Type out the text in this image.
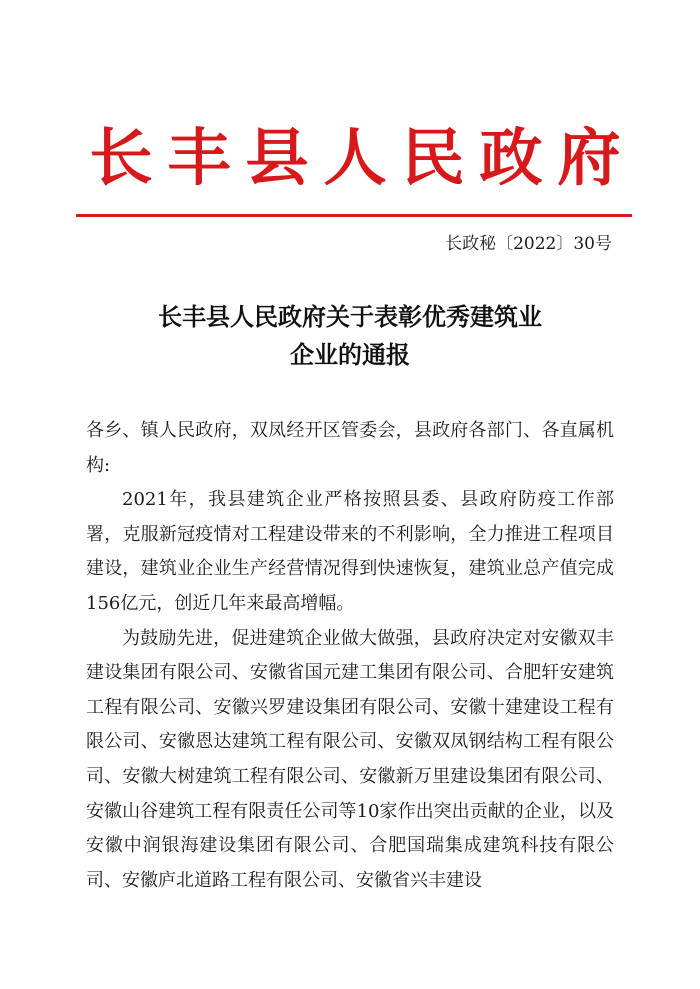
长 丰 县 人 民 政 府
长政秘〔2022〕30号
长丰县人民政府关于表彰优秀建筑业
企业的通报

各乡、镇人民政府，双凤经开区管委会，县政府各部门、各直属机构:

2021年，我县建筑企业严格按照县委、县政府防疫工作部署，克服新冠疫情对工程建设带来的不利影响，全力推进工程项目建设，建筑业企业生产经营情况得到快速恢复，建筑业总产值完成156亿元，创近几年来最高增幅。

为鼓励先进，促进建筑企业做大做强，县政府决定对安徽双丰建设集团有限公司、安徽省国元建工集团有限公司、合肥轩安建筑工程有限公司、安徽兴罗建设集团有限公司、安徽十建建设工程有限公司、安徽恩达建筑工程有限公司、安徽双凤钢结构工程有限公司、安徽大树建筑工程有限公司、安徽新万里建设集团有限公司、安徽山谷建筑工程有限责任公司等10家作出突出贡献的企业，以及安徽中润银海建设集团有限公司、合肥国瑞集成建筑科技有限公司、安徽庐北道路工程有限公司、安徽省兴丰建设
